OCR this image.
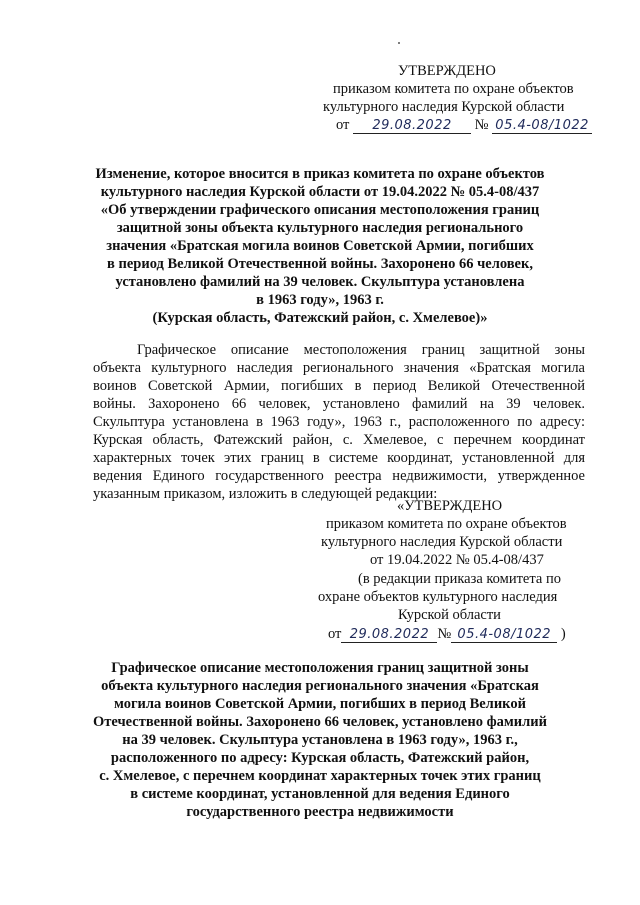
УТВЕРЖДЕНО
приказом комитета по охране объектов
культурного наследия Курской области
от 29.08.2022 № 05.4-08/1022
Изменение, которое вносится в приказ комитета по охране объектов
культурного наследия Курской области от 19.04.2022 № 05.4-08/437
«Об утверждении графического описания местоположения границ
защитной зоны объекта культурного наследия регионального
значения «Братская могила воинов Советской Армии, погибших
в период Великой Отечественной войны. Захоронено 66 человек,
установлено фамилий на 39 человек. Скульптура установлена
в 1963 году», 1963 г.
(Курская область, Фатежский район, с. Хмелевое)»
Графическое описание местоположения границ защитной зоны
объекта культурного наследия регионального значения «Братская могила
воинов Советской Армии, погибших в период Великой Отечественной
войны. Захоронено 66 человек, установлено фамилий на 39 человек.
Скульптура установлена в 1963 году», 1963 г., расположенного по адресу:
Курская область, Фатежский район, с. Хмелевое, с перечнем координат
характерных точек этих границ в системе координат, установленной для
ведения Единого государственного реестра недвижимости, утвержденное
указанным приказом, изложить в следующей редакции:
«УТВЕРЖДЕНО
приказом комитета по охране объектов
культурного наследия Курской области
от 19.04.2022 № 05.4-08/437
(в редакции приказа комитета по
охране объектов культурного наследия
Курской области
от 29.08.2022 № 05.4-08/1022 )
Графическое описание местоположения границ защитной зоны
объекта культурного наследия регионального значения «Братская
могила воинов Советской Армии, погибших в период Великой
Отечественной войны. Захоронено 66 человек, установлено фамилий
на 39 человек. Скульптура установлена в 1963 году», 1963 г.,
расположенного по адресу: Курская область, Фатежский район,
с. Хмелевое, с перечнем координат характерных точек этих границ
в системе координат, установленной для ведения Единого
государственного реестра недвижимости
